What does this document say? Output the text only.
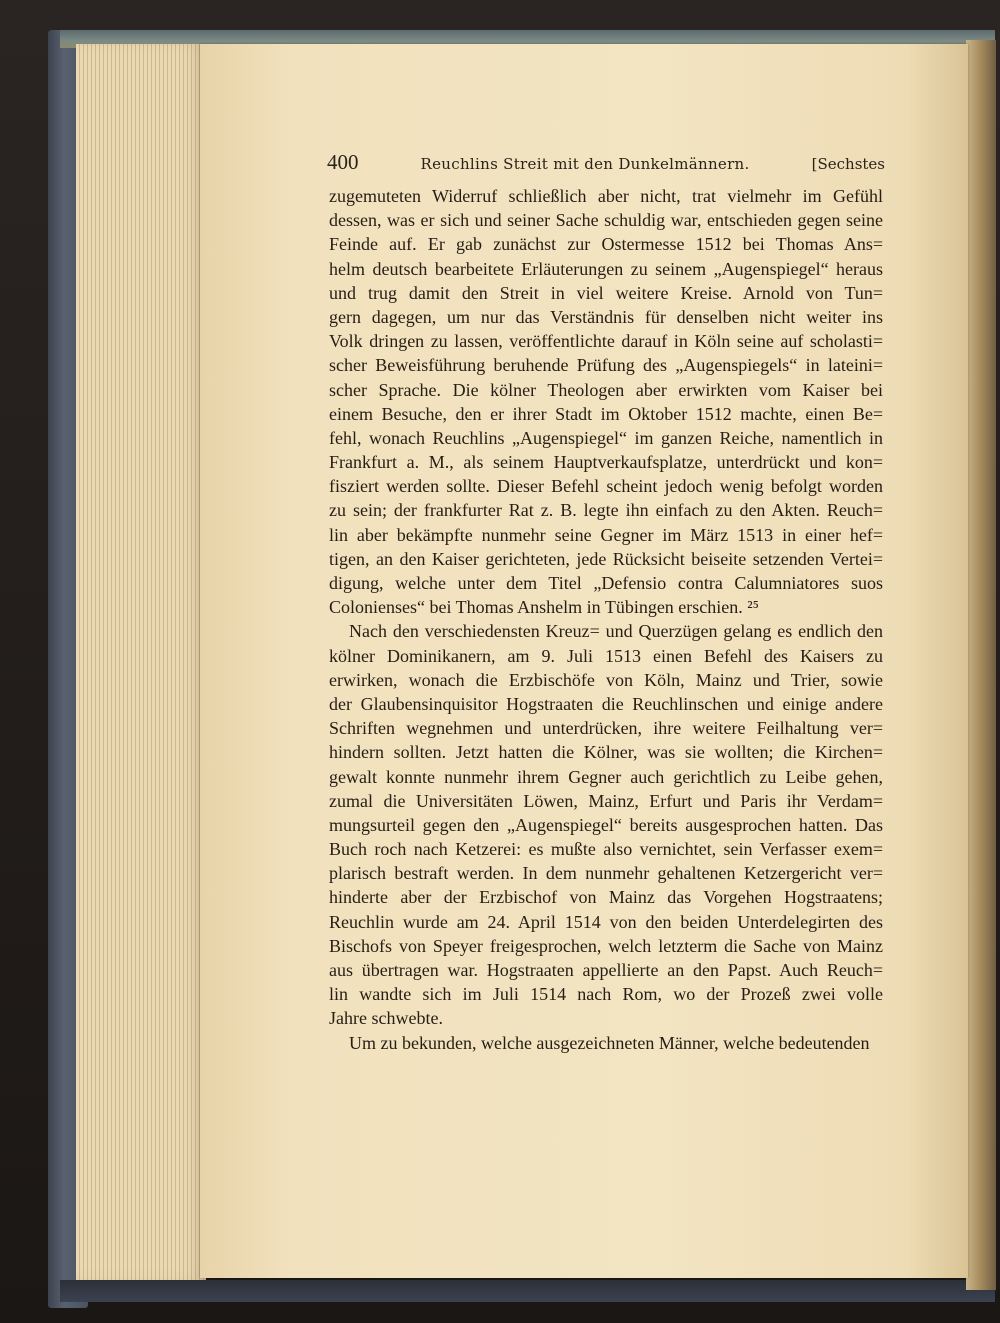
400	Reuchlins Streit mit den Dunkelmännern.	[Sechstes
zugemuteten Widerruf schließlich aber nicht, trat vielmehr im Gefühl
dessen, was er sich und seiner Sache schuldig war, entschieden gegen seine
Feinde auf. Er gab zunächst zur Ostermesse 1512 bei Thomas Ans=
helm deutsch bearbeitete Erläuterungen zu seinem „Augenspiegel“ heraus
und trug damit den Streit in viel weitere Kreise. Arnold von Tun=
gern dagegen, um nur das Verständnis für denselben nicht weiter ins
Volk dringen zu lassen, veröffentlichte darauf in Köln seine auf scholasti=
scher Beweisführung beruhende Prüfung des „Augenspiegels“ in lateini=
scher Sprache. Die kölner Theologen aber erwirkten vom Kaiser bei
einem Besuche, den er ihrer Stadt im Oktober 1512 machte, einen Be=
fehl, wonach Reuchlins „Augenspiegel“ im ganzen Reiche, namentlich in
Frankfurt a. M., als seinem Hauptverkaufsplatze, unterdrückt und kon=
fisziert werden sollte. Dieser Befehl scheint jedoch wenig befolgt worden
zu sein; der frankfurter Rat z. B. legte ihn einfach zu den Akten. Reuch=
lin aber bekämpfte nunmehr seine Gegner im März 1513 in einer hef=
tigen, an den Kaiser gerichteten, jede Rücksicht beiseite setzenden Vertei=
digung, welche unter dem Titel „Defensio contra Calumniatores suos
Colonienses“ bei Thomas Anshelm in Tübingen erschien. ²⁵
Nach den verschiedensten Kreuz= und Querzügen gelang es endlich den
kölner Dominikanern, am 9. Juli 1513 einen Befehl des Kaisers zu
erwirken, wonach die Erzbischöfe von Köln, Mainz und Trier, sowie
der Glaubensinquisitor Hogstraaten die Reuchlinschen und einige andere
Schriften wegnehmen und unterdrücken, ihre weitere Feilhaltung ver=
hindern sollten. Jetzt hatten die Kölner, was sie wollten; die Kirchen=
gewalt konnte nunmehr ihrem Gegner auch gerichtlich zu Leibe gehen,
zumal die Universitäten Löwen, Mainz, Erfurt und Paris ihr Verdam=
mungsurteil gegen den „Augenspiegel“ bereits ausgesprochen hatten. Das
Buch roch nach Ketzerei: es mußte also vernichtet, sein Verfasser exem=
plarisch bestraft werden. In dem nunmehr gehaltenen Ketzergericht ver=
hinderte aber der Erzbischof von Mainz das Vorgehen Hogstraatens;
Reuchlin wurde am 24. April 1514 von den beiden Unterdelegirten des
Bischofs von Speyer freigesprochen, welch letzterm die Sache von Mainz
aus übertragen war. Hogstraaten appellierte an den Papst. Auch Reuch=
lin wandte sich im Juli 1514 nach Rom, wo der Prozeß zwei volle
Jahre schwebte.
Um zu bekunden, welche ausgezeichneten Männer, welche bedeutenden
